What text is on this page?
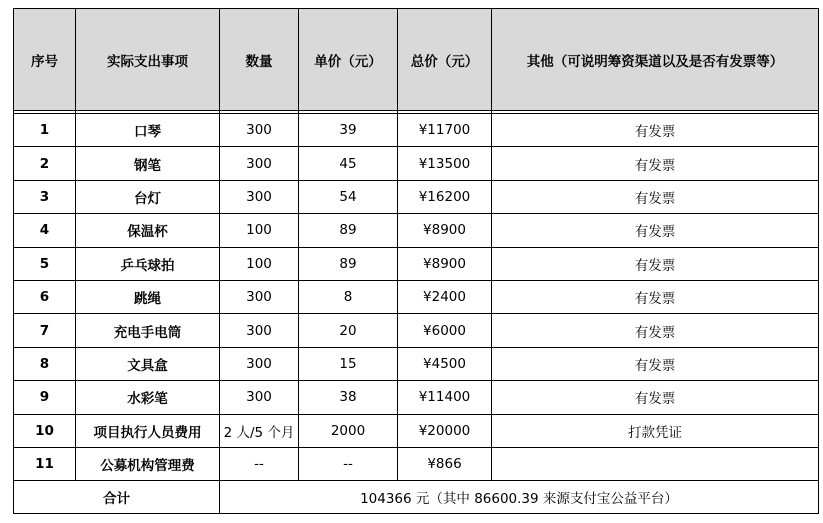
序号	实际支出事项	数量	单价（元）	总价（元）	其他（可说明筹资渠道以及是否有发票等）

1	口琴	300	39	¥11700	有发票
2	钢笔	300	45	¥13500	有发票
3	台灯	300	54	¥16200	有发票
4	保温杯	100	89	¥8900	有发票
5	乒乓球拍	100	89	¥8900	有发票
6	跳绳	300	8	¥2400	有发票
7	充电手电筒	300	20	¥6000	有发票
8	文具盒	300	15	¥4500	有发票
9	水彩笔	300	38	¥11400	有发票
10	项目执行人员费用	2 人/5 个月	2000	¥20000	打款凭证
11	公募机构管理费	--	--	¥866	
合计		104366 元（其中 86600.39 来源支付宝公益平台）			
